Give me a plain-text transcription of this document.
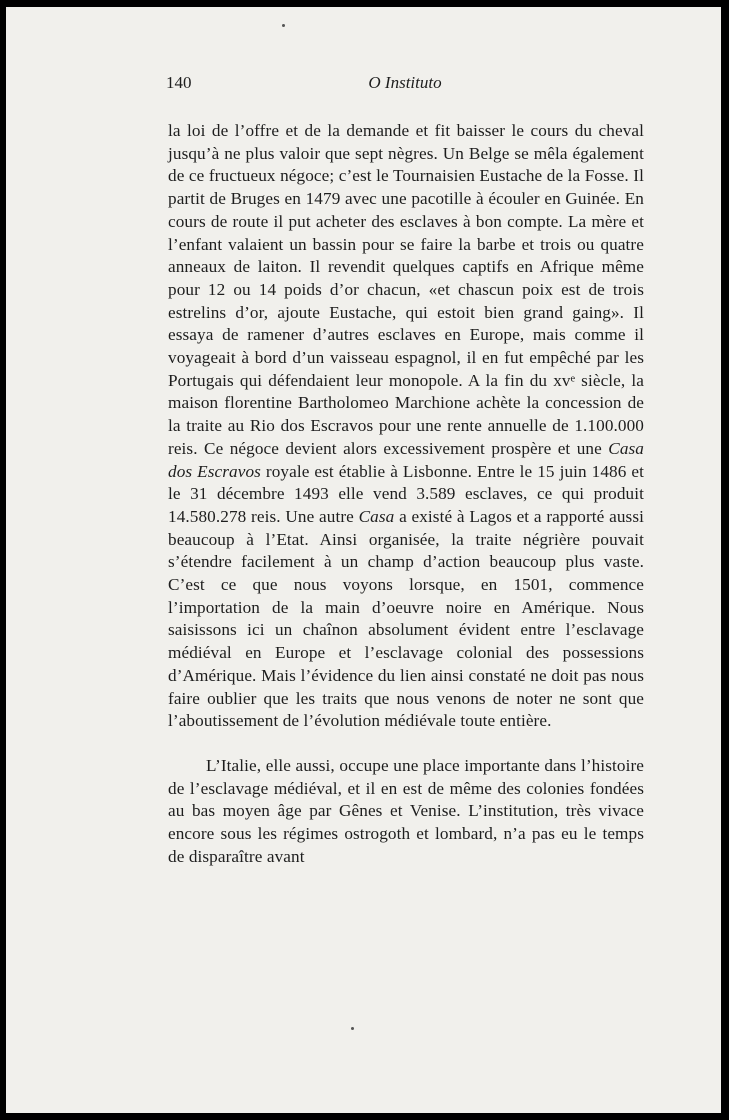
140	O Instituto

la loi de l’offre et de la demande et fit baisser le cours du cheval jusqu’à ne plus valoir que sept nègres. Un Belge se mêla également de ce fructueux négoce; c’est le Tournaisien Eustache de la Fosse. Il partit de Bruges en 1479 avec une pacotille à écouler en Guinée. En cours de route il put acheter des esclaves à bon compte. La mère et l’enfant valaient un bassin pour se faire la barbe et trois ou quatre anneaux de laiton. Il revendit quelques captifs en Afrique même pour 12 ou 14 poids d’or chacun, «et chascun poix est de trois estrelins d’or, ajoute Eustache, qui estoit bien grand gaing». Il essaya de ramener d’autres esclaves en Europe, mais comme il voyageait à bord d’un vaisseau espagnol, il en fut empêché par les Portugais qui défendaient leur monopole. A la fin du xvᵉ siècle, la maison florentine Bartholomeo Marchione achète la concession de la traite au Rio dos Escravos pour une rente annuelle de 1.100.000 reis. Ce négoce devient alors excessivement prospère et une Casa dos Escravos royale est établie à Lisbonne. Entre le 15 juin 1486 et le 31 décembre 1493 elle vend 3.589 esclaves, ce qui produit 14.580.278 reis. Une autre Casa a existé à Lagos et a rapporté aussi beaucoup à l’Etat. Ainsi organisée, la traite négrière pouvait s’étendre facilement à un champ d’action beaucoup plus vaste. C’est ce que nous voyons lorsque, en 1501, commence l’importation de la main d’oeuvre noire en Amérique. Nous saisissons ici un chaînon absolument évident entre l’esclavage médiéval en Europe et l’esclavage colonial des possessions d’Amérique. Mais l’évidence du lien ainsi constaté ne doit pas nous faire oublier que les traits que nous venons de noter ne sont que l’aboutissement de l’évolution médiévale toute entière.

L’Italie, elle aussi, occupe une place importante dans l’histoire de l’esclavage médiéval, et il en est de même des colonies fondées au bas moyen âge par Gênes et Venise. L’institution, très vivace encore sous les régimes ostrogoth et lombard, n’a pas eu le temps de disparaître avant
